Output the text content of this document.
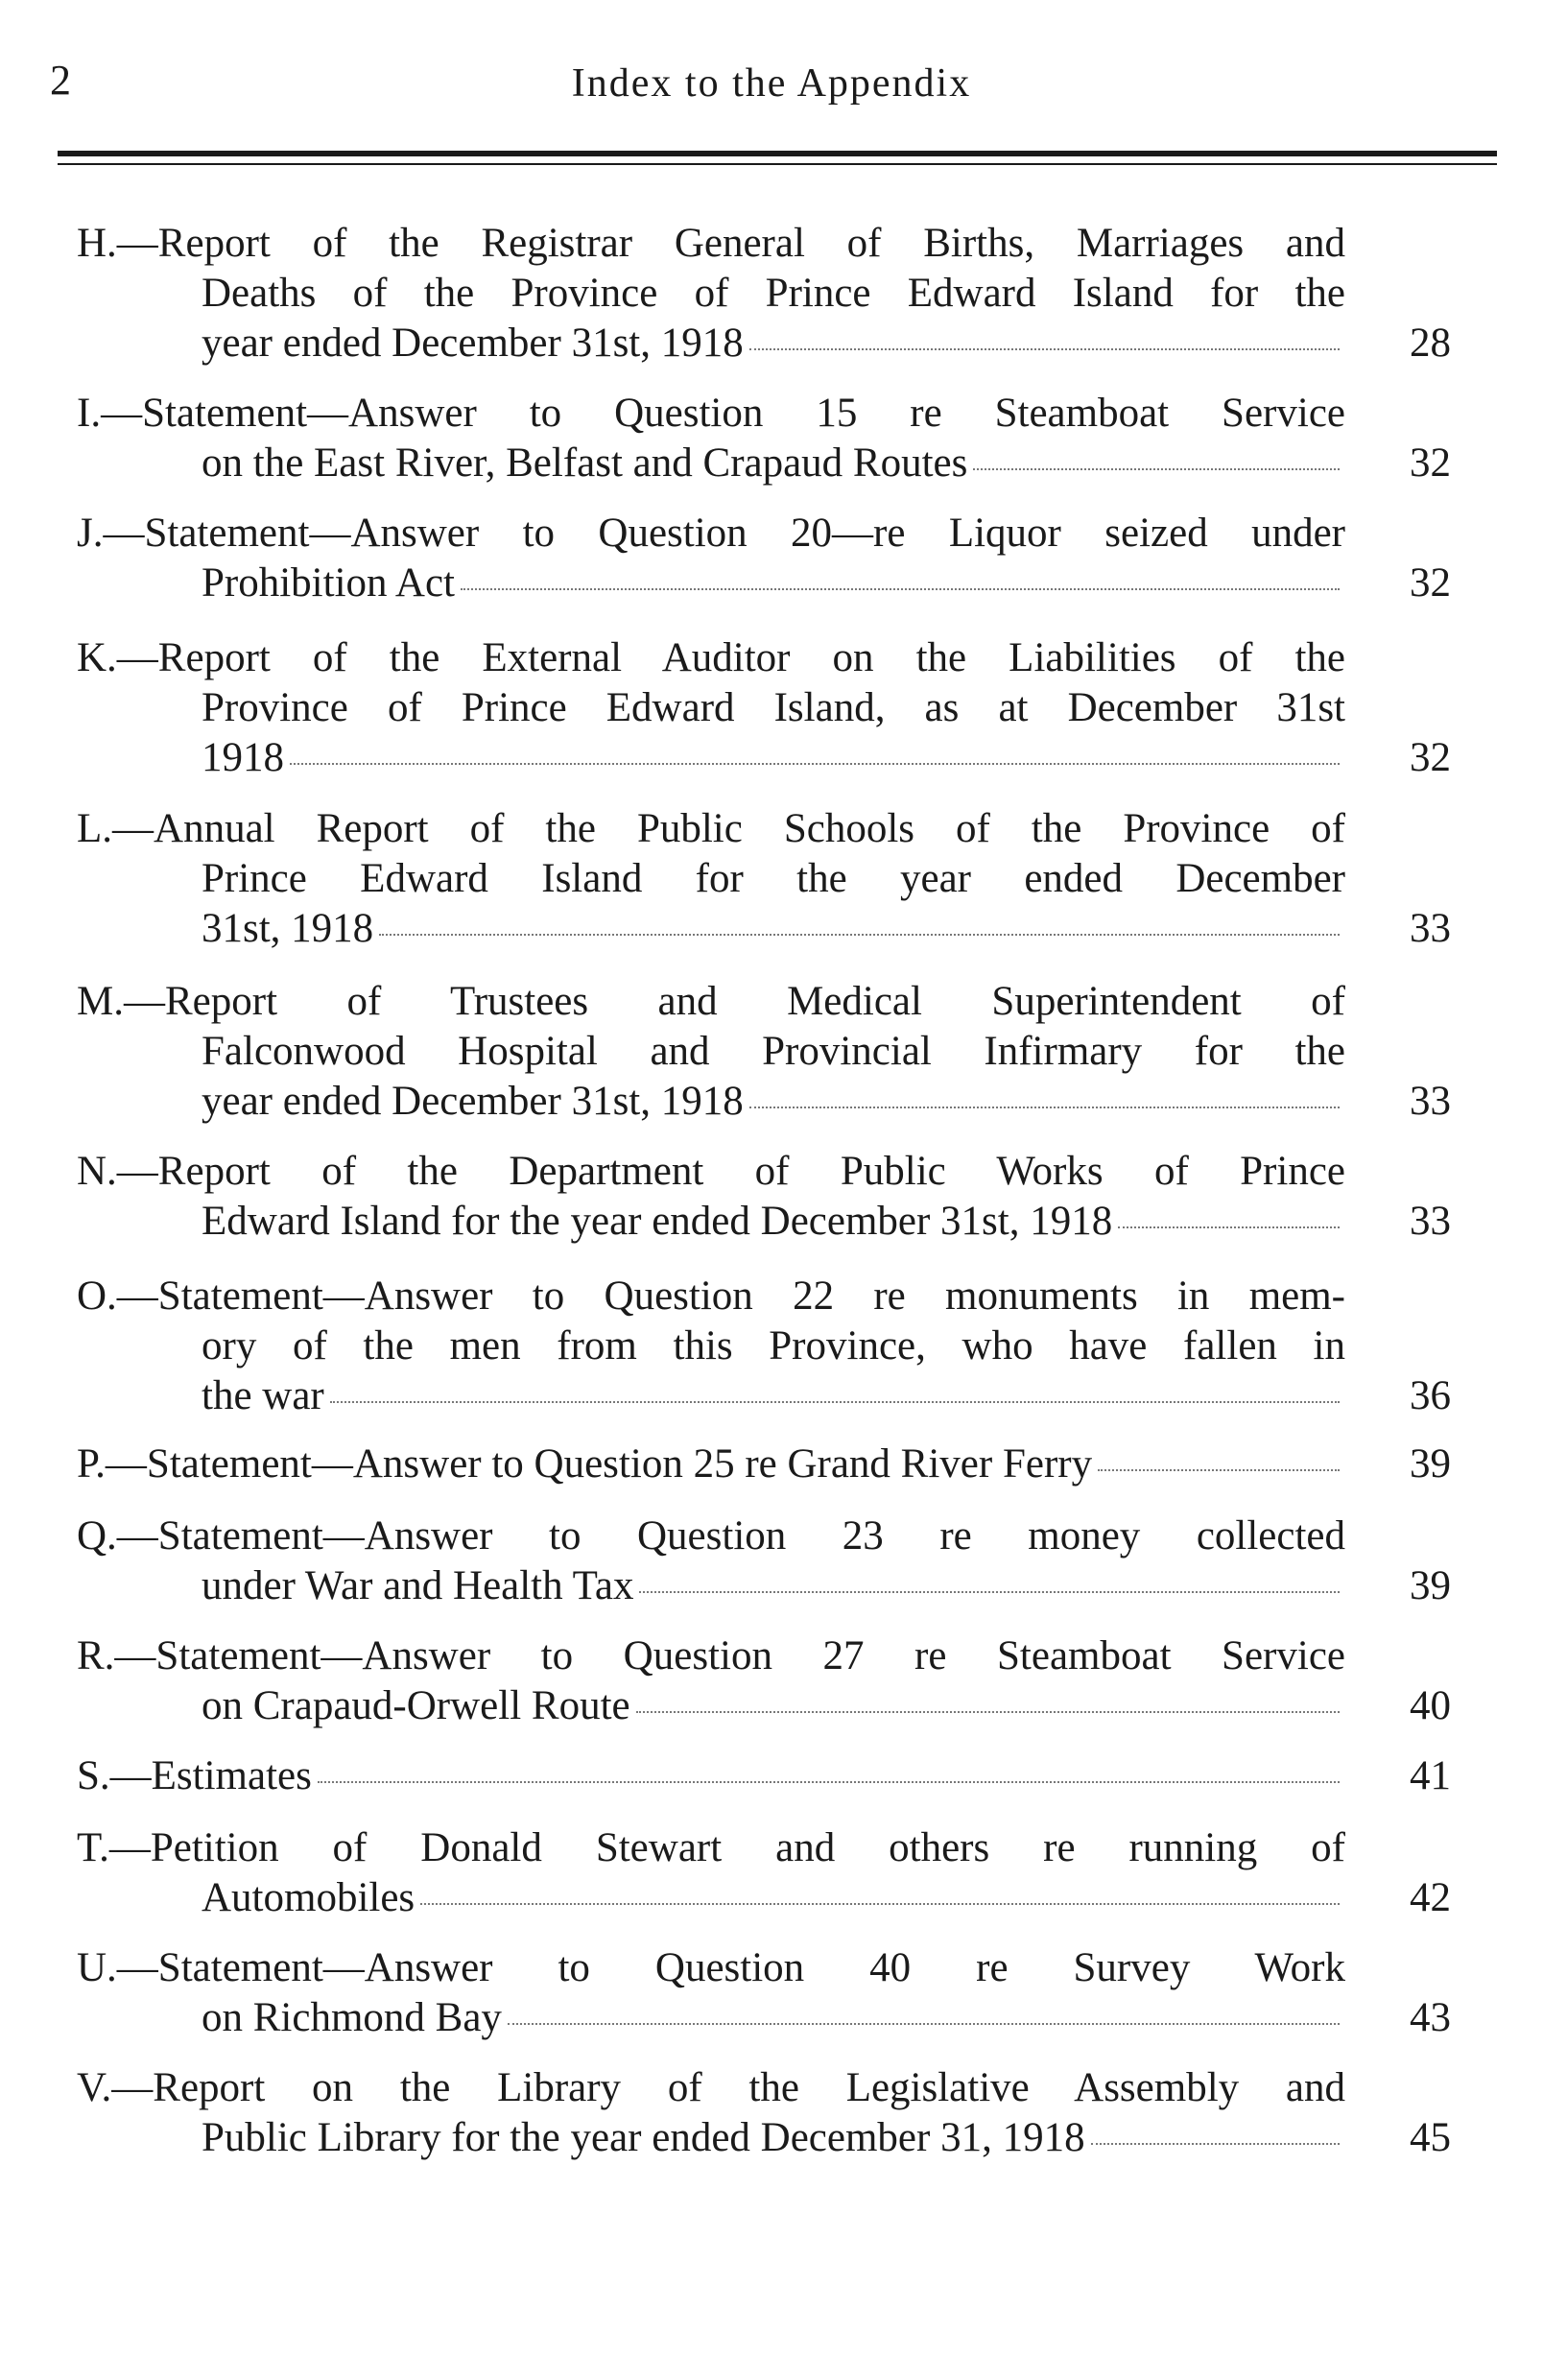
2	Index to the Appendix
H.—Report of the Registrar General of Births, Marriages and
Deaths of the Province of Prince Edward Island for the
year ended December 31st, 1918	28
I.—Statement—Answer to Question 15 re Steamboat Service
on the East River, Belfast and Crapaud Routes	32
J.—Statement—Answer to Question 20—re Liquor seized under
Prohibition Act	32
K.—Report of the External Auditor on the Liabilities of the
Province of Prince Edward Island, as at December 31st
1918	32
L.—Annual Report of the Public Schools of the Province of
Prince Edward Island for the year ended December
31st, 1918	33
M.—Report of Trustees and Medical Superintendent of
Falconwood Hospital and Provincial Infirmary for the
year ended December 31st, 1918	33
N.—Report of the Department of Public Works of Prince
Edward Island for the year ended December 31st, 1918	33
O.—Statement—Answer to Question 22 re monuments in mem-
ory of the men from this Province, who have fallen in
the war	36
P.—Statement—Answer to Question 25 re Grand River Ferry	39
Q.—Statement—Answer to Question 23 re money collected
under War and Health Tax	39
R.—Statement—Answer to Question 27 re Steamboat Service
on Crapaud-Orwell Route	40
S.—Estimates	41
T.—Petition of Donald Stewart and others re running of
Automobiles	42
U.—Statement—Answer to Question 40 re Survey Work
on Richmond Bay	43
V.—Report on the Library of the Legislative Assembly and
Public Library for the year ended December 31, 1918	45
